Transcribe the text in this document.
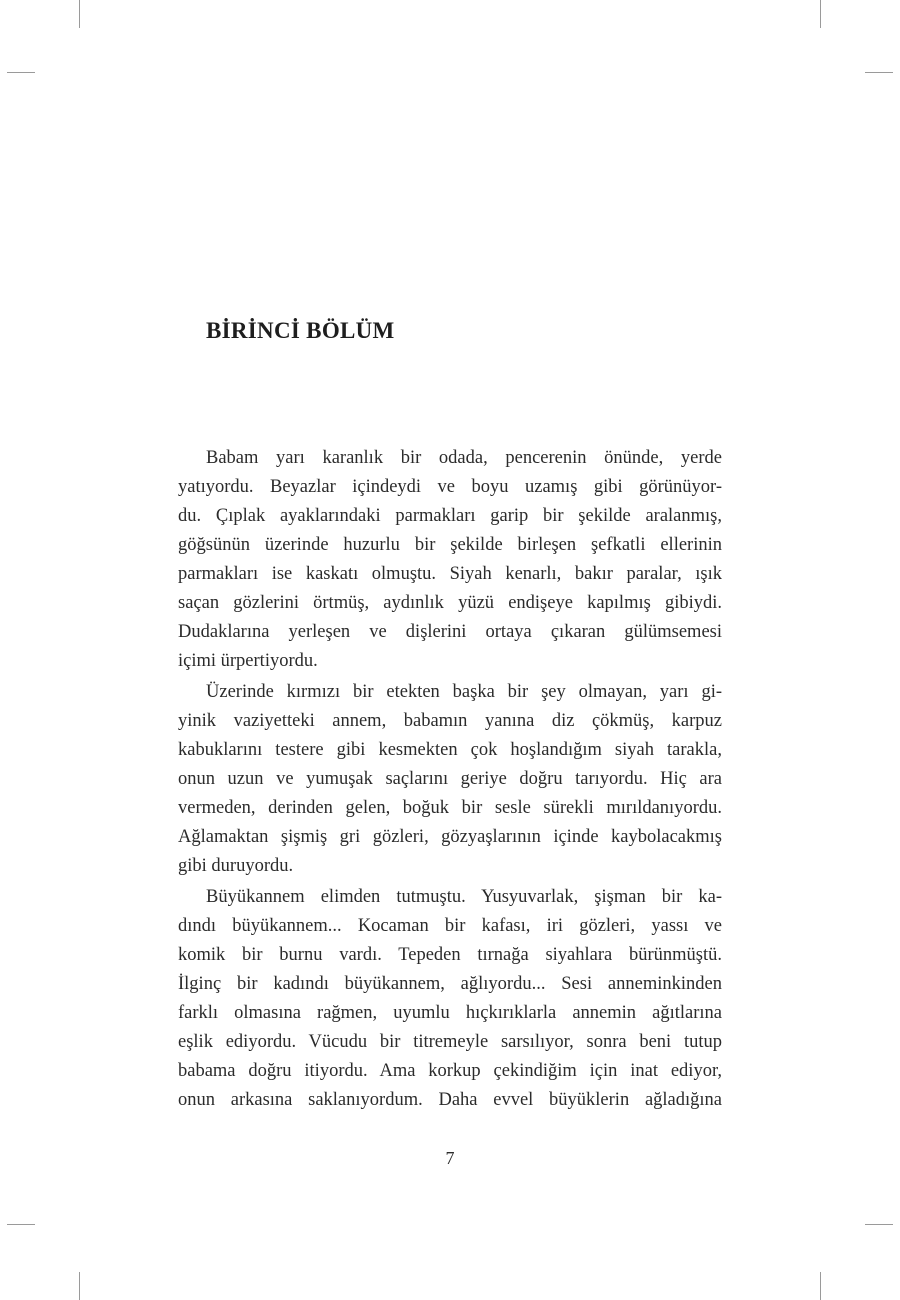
BİRİNCİ BÖLÜM

Babam yarı karanlık bir odada, pencerenin önünde, yerde
yatıyordu. Beyazlar içindeydi ve boyu uzamış gibi görünüyor-
du. Çıplak ayaklarındaki parmakları garip bir şekilde aralanmış,
göğsünün üzerinde huzurlu bir şekilde birleşen şefkatli ellerinin
parmakları ise kaskatı olmuştu. Siyah kenarlı, bakır paralar, ışık
saçan gözlerini örtmüş, aydınlık yüzü endişeye kapılmış gibiydi.
Dudaklarına yerleşen ve dişlerini ortaya çıkaran gülümsemesi
içimi ürpertiyordu.

Üzerinde kırmızı bir etekten başka bir şey olmayan, yarı gi-
yinik vaziyetteki annem, babamın yanına diz çökmüş, karpuz
kabuklarını testere gibi kesmekten çok hoşlandığım siyah tarakla,
onun uzun ve yumuşak saçlarını geriye doğru tarıyordu. Hiç ara
vermeden, derinden gelen, boğuk bir sesle sürekli mırıldanıyordu.
Ağlamaktan şişmiş gri gözleri, gözyaşlarının içinde kaybolacakmış
gibi duruyordu.

Büyükannem elimden tutmuştu. Yusyuvarlak, şişman bir ka-
dındı büyükannem... Kocaman bir kafası, iri gözleri, yassı ve
komik bir burnu vardı. Tepeden tırnağa siyahlara bürünmüştü.
İlginç bir kadındı büyükannem, ağlıyordu... Sesi anneminkinden
farklı olmasına rağmen, uyumlu hıçkırıklarla annemin ağıtlarına
eşlik ediyordu. Vücudu bir titremeyle sarsılıyor, sonra beni tutup
babama doğru itiyordu. Ama korkup çekindiğim için inat ediyor,
onun arkasına saklanıyordum. Daha evvel büyüklerin ağladığına

7
